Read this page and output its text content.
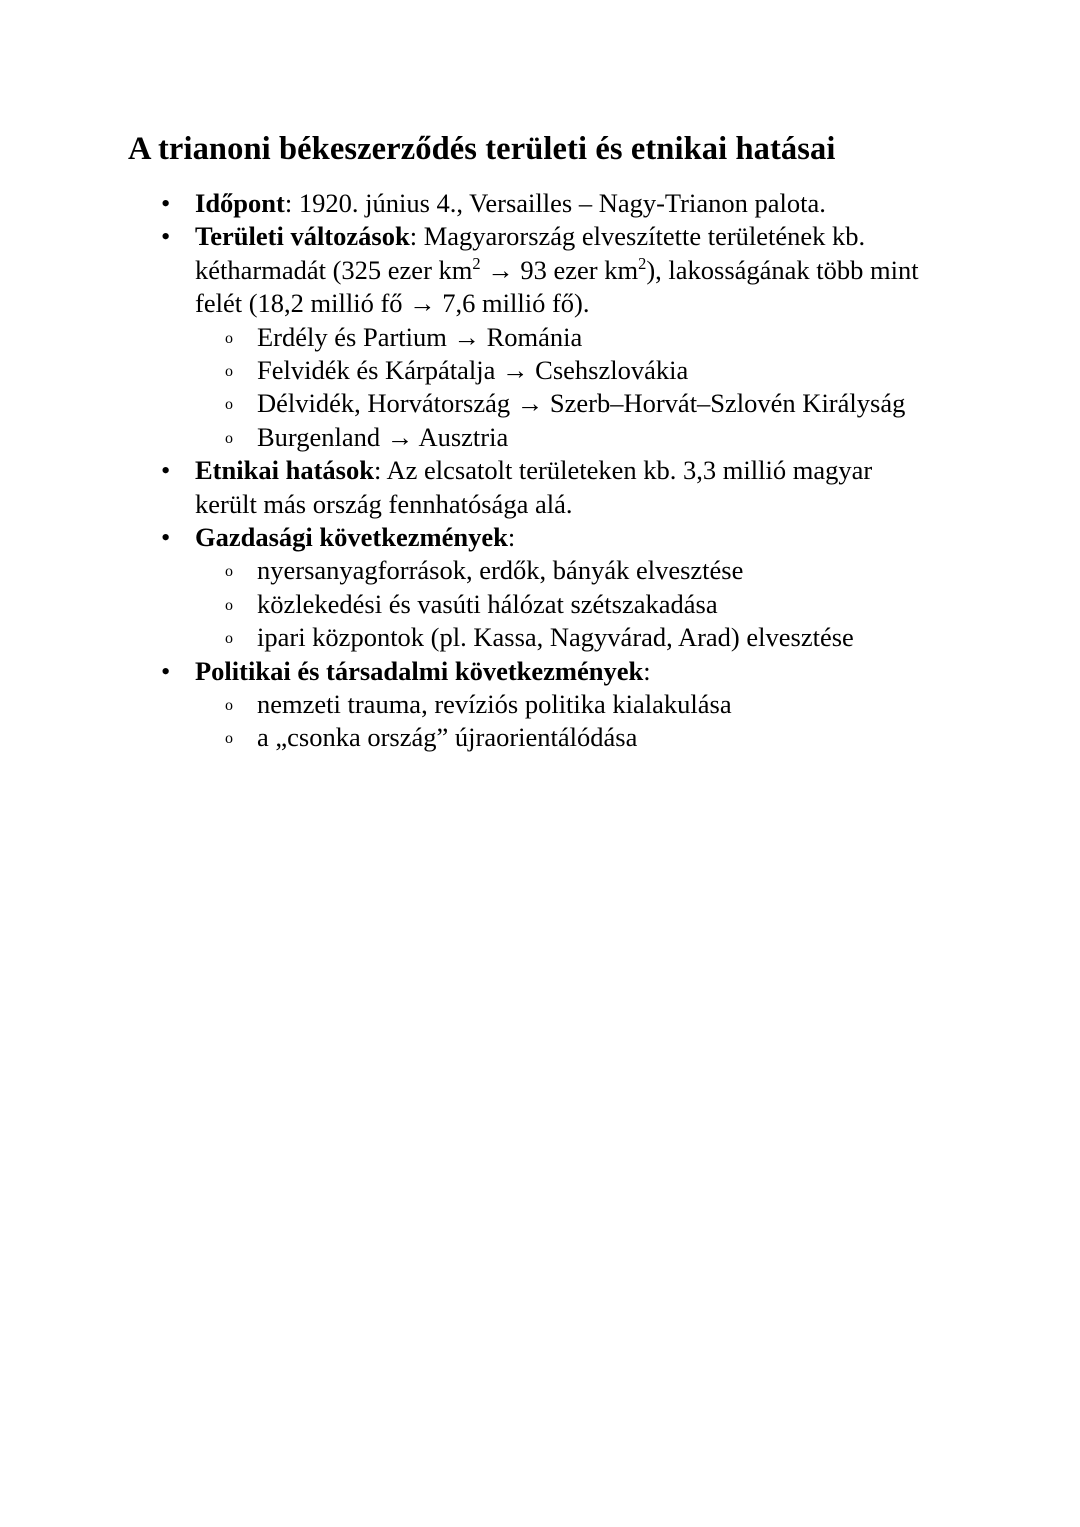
A trianoni békeszerződés területi és etnikai hatásai
• Időpont: 1920. június 4., Versailles – Nagy-Trianon palota.
• Területi változások: Magyarország elveszítette területének kb. kétharmadát (325 ezer $km^2 \to 93$ ezer $km^2$), lakosságának több mint felét (18,2 millió fő → 7,6 millió fő).
o Erdély és Partium → Románia
o Felvidék és Kárpátalja → Csehszlovákia
o Délvidék, Horvátország → Szerb–Horvát–Szlovén Királyság
o Burgenland → Ausztria
• Etnikai hatások: Az elcsatolt területeken kb. 3,3 millió magyar került más ország fennhatósága alá.
• Gazdasági következmények:
o nyersanyagforrások, erdők, bányák elvesztése
o közlekedési és vasúti hálózat szétszakadása
o ipari központok (pl. Kassa, Nagyvárad, Arad) elvesztése
• Politikai és társadalmi következmények:
o nemzeti trauma, revíziós politika kialakulása
o a „csonka ország” újraorientálódása
